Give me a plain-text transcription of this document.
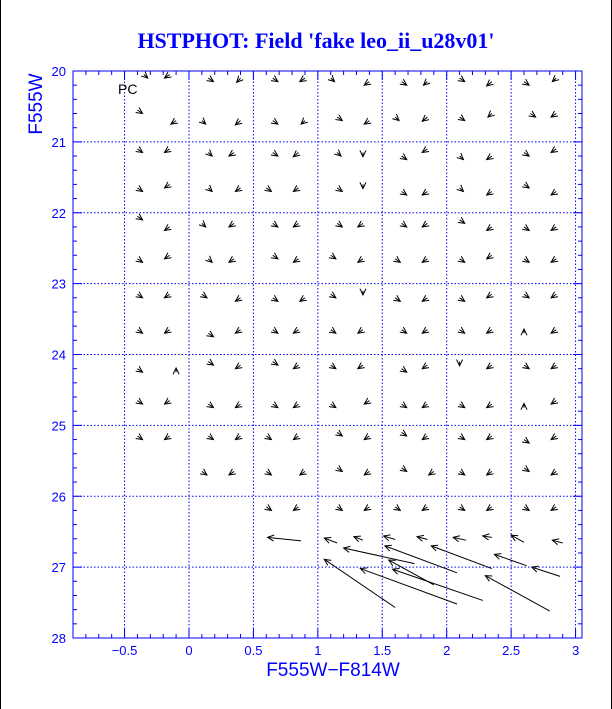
HSTPHOT: Field 'fake leo_ii_u28v01'
−0.5	0	0.5	1	1.5	2	2.5	3
20
21
22
23
24
25
26
27
28
PC
F555W−F814W
F555W
